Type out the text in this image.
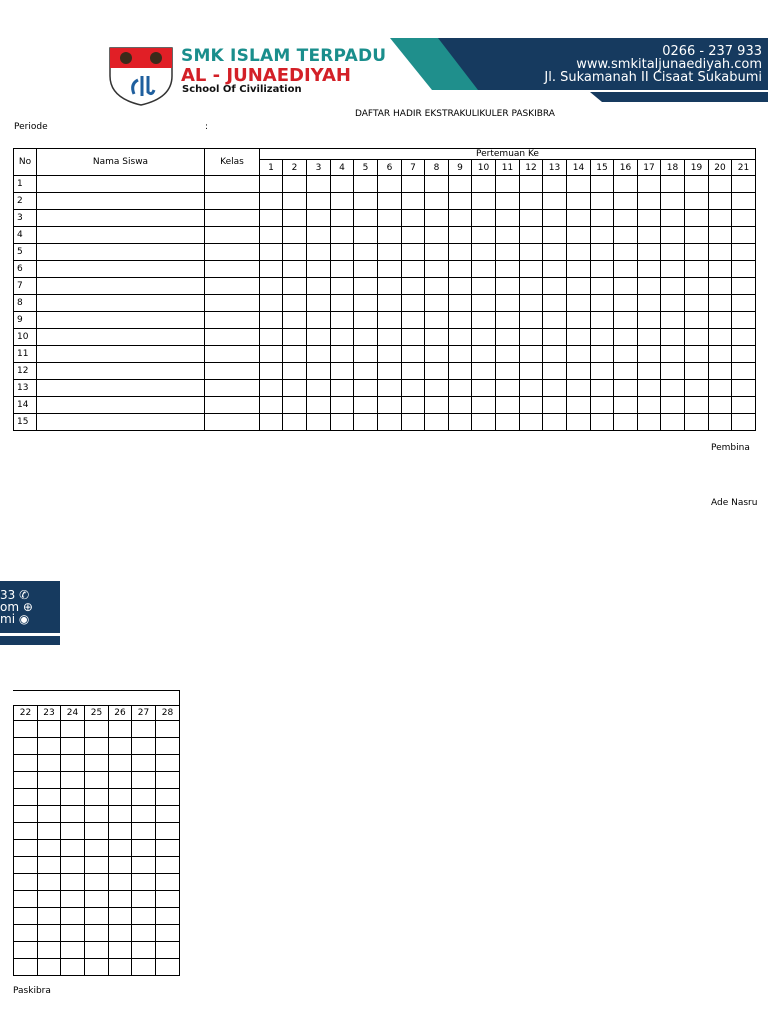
SMK ISLAM TERPADU
AL - JUNAEDIYAH
School Of Civilization
0266 - 237 933
www.smkitaljunaediyah.com
Jl. Sukamanah II Cisaat Sukabumi
DAFTAR HADIR EKSTRAKULIKULER PASKIBRA
Periode	:
No	Nama Siswa	Kelas	Pertemuan Ke																				
			1	2	3	4	5	6	7	8	9	10	11	12	13	14	15	16	17	18	19	20	21
1																							
2																							
3																							
4																							
5																							
6																							
7																							
8																							
9																							
10																							
11																							
12																							
13																							
14																							
15																							
Pembina
Ade Nasru
33 ✆
om ⊕
mi ◉
22	23	24	25	26	27	28

Paskibra
